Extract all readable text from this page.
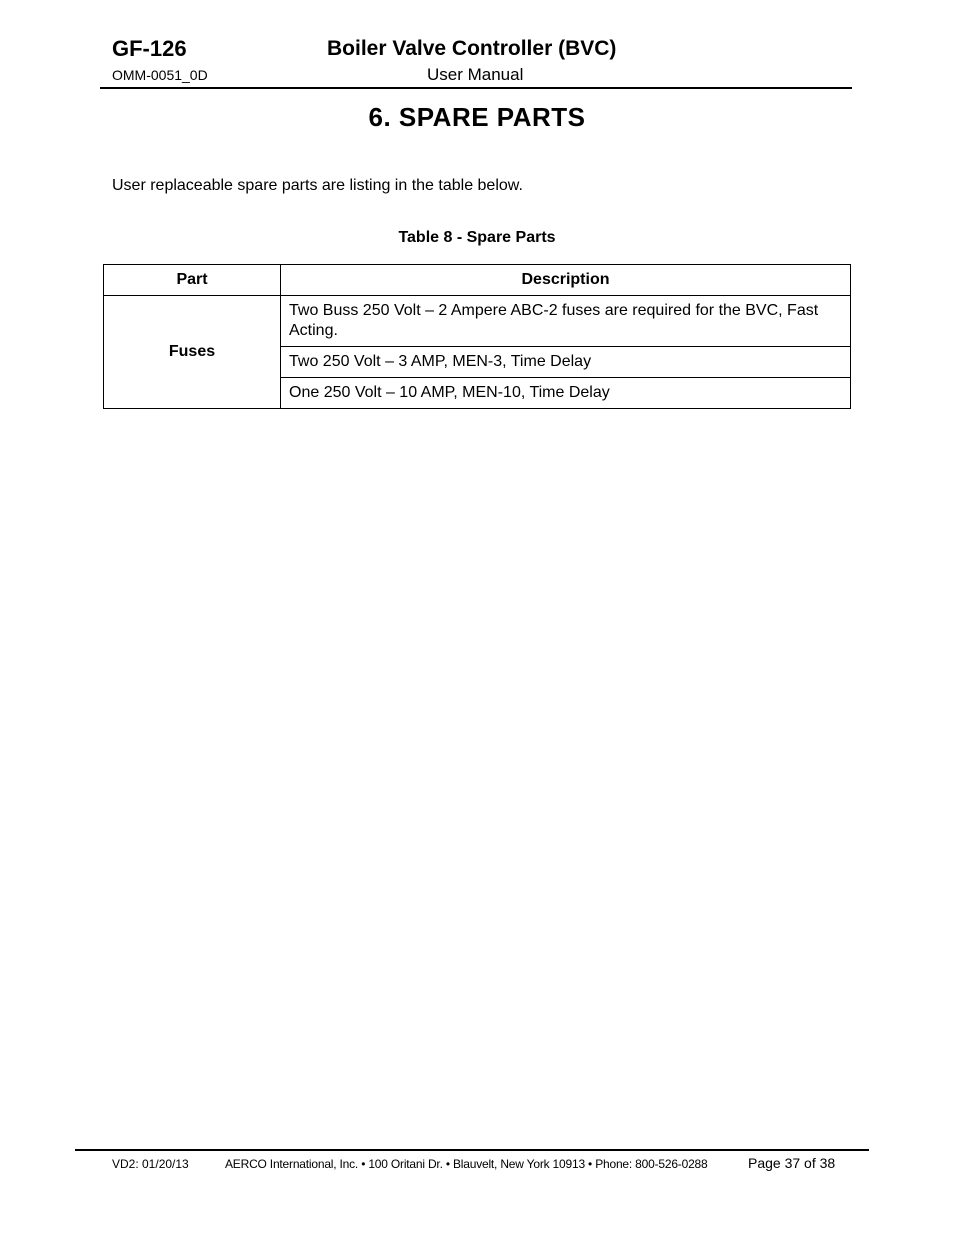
GF-126	Boiler Valve Controller (BVC)
OMM-0051_0D	User Manual
6. SPARE PARTS
User replaceable spare parts are listing in the table below.
Table 8 - Spare Parts
Part	Description
Fuses	Two Buss 250 Volt – 2 Ampere ABC-2 fuses are required for the BVC, Fast Acting.
	Two 250 Volt – 3 AMP, MEN-3, Time Delay
	One 250 Volt – 10 AMP, MEN-10, Time Delay
VD2: 01/20/13	AERCO International, Inc. • 100 Oritani Dr. • Blauvelt, New York 10913 • Phone: 800-526-0288	Page 37 of 38
